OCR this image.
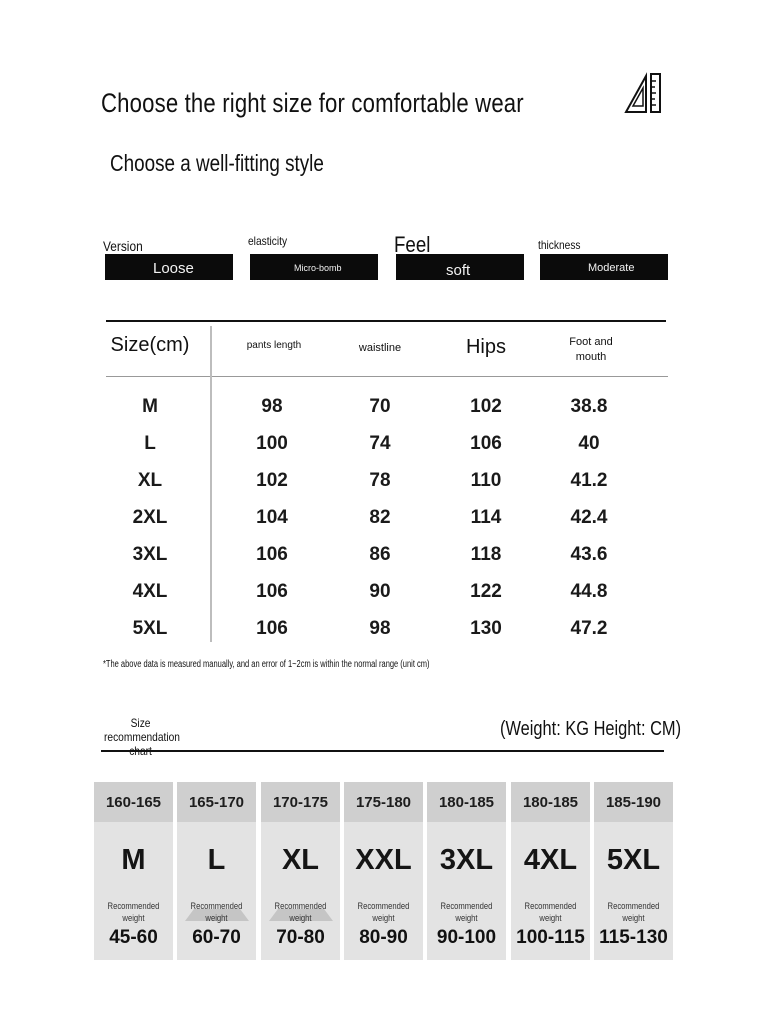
Choose the right size for comfortable wear
Choose a well-fitting style
Version
Loose
elasticity
Micro-bomb
Feel
soft
thickness
Moderate
Size(cm)	pants length	waistline	Hips	Foot and mouth
M	98	70	102	38.8
L	100	74	106	40
XL	102	78	110	41.2
2XL	104	82	114	42.4
3XL	106	86	118	43.6
4XL	106	90	122	44.8
5XL	106	98	130	47.2
*The above data is measured manually, and an error of 1~2cm is within the normal range (unit cm)
Size recommendation	(Weight: KG Height: CM)
160-165
M
Recommended weight
45-60
165-170
L
Recommended weight
60-70
170-175
XL
Recommended weight
70-80
175-180
XXL
Recommended weight
80-90
180-185
3XL
Recommended weight
90-100
180-185
4XL
Recommended weight
100-115
185-190
5XL
Recommended weight
115-130
